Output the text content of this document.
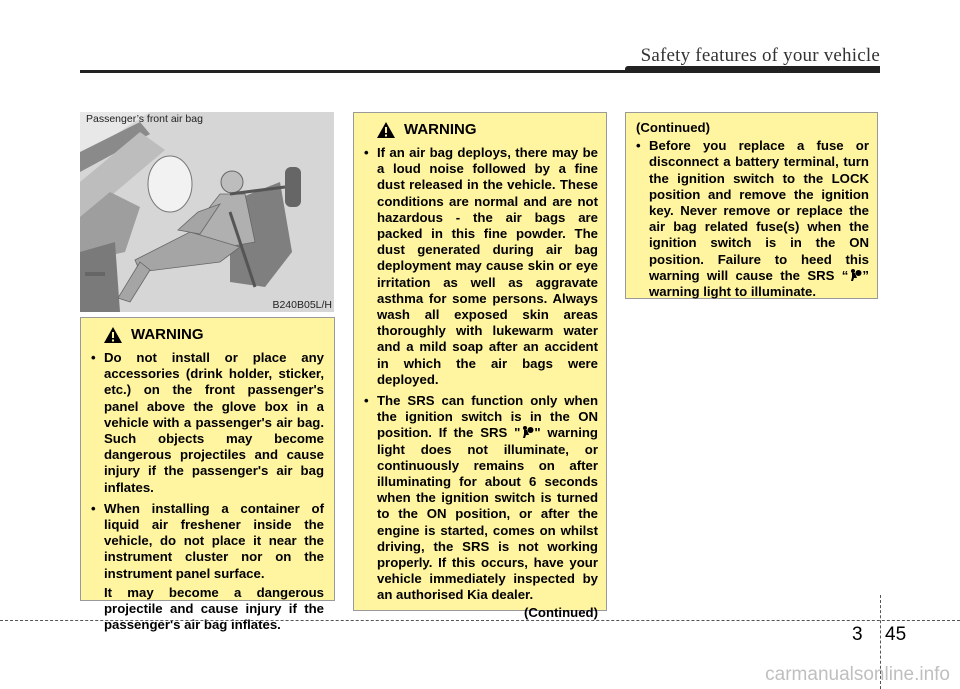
Safety features of your vehicle
Passenger’s front air bag
B240B05L/H
WARNING
• Do not install or place any accessories (drink holder, sticker, etc.) on the front passenger's panel above the glove box in a vehicle with a passenger's air bag. Such objects may become dangerous projectiles and cause injury if the passenger's air bag inflates.
• When installing a container of liquid air freshener inside the vehicle, do not place it near the instrument cluster nor on the instrument panel surface.
It may become a dangerous projectile and cause injury if the passenger's air bag inflates.
WARNING
• If an air bag deploys, there may be a loud noise followed by a fine dust released in the vehicle. These conditions are normal and are not hazardous - the air bags are packed in this fine powder. The dust generated during air bag deployment may cause skin or eye irritation as well as aggravate asthma for some persons. Always wash all exposed skin areas thoroughly with lukewarm water and a mild soap after an accident in which the air bags were deployed.
• The SRS can function only when the ignition switch is in the ON position. If the SRS " " warning light does not illuminate, or continuously remains on after illuminating for about 6 seconds when the ignition switch is turned to the ON position, or after the engine is started, comes on whilst driving, the SRS is not working properly. If this occurs, have your vehicle immediately inspected by an authorised Kia dealer.
(Continued)
(Continued)
• Before you replace a fuse or disconnect a battery terminal, turn the ignition switch to the LOCK position and remove the ignition key. Never remove or replace the air bag related fuse(s) when the ignition switch is in the ON position. Failure to heed this warning will cause the SRS “ ” warning light to illuminate.
3 45
carmanualsonline.info
